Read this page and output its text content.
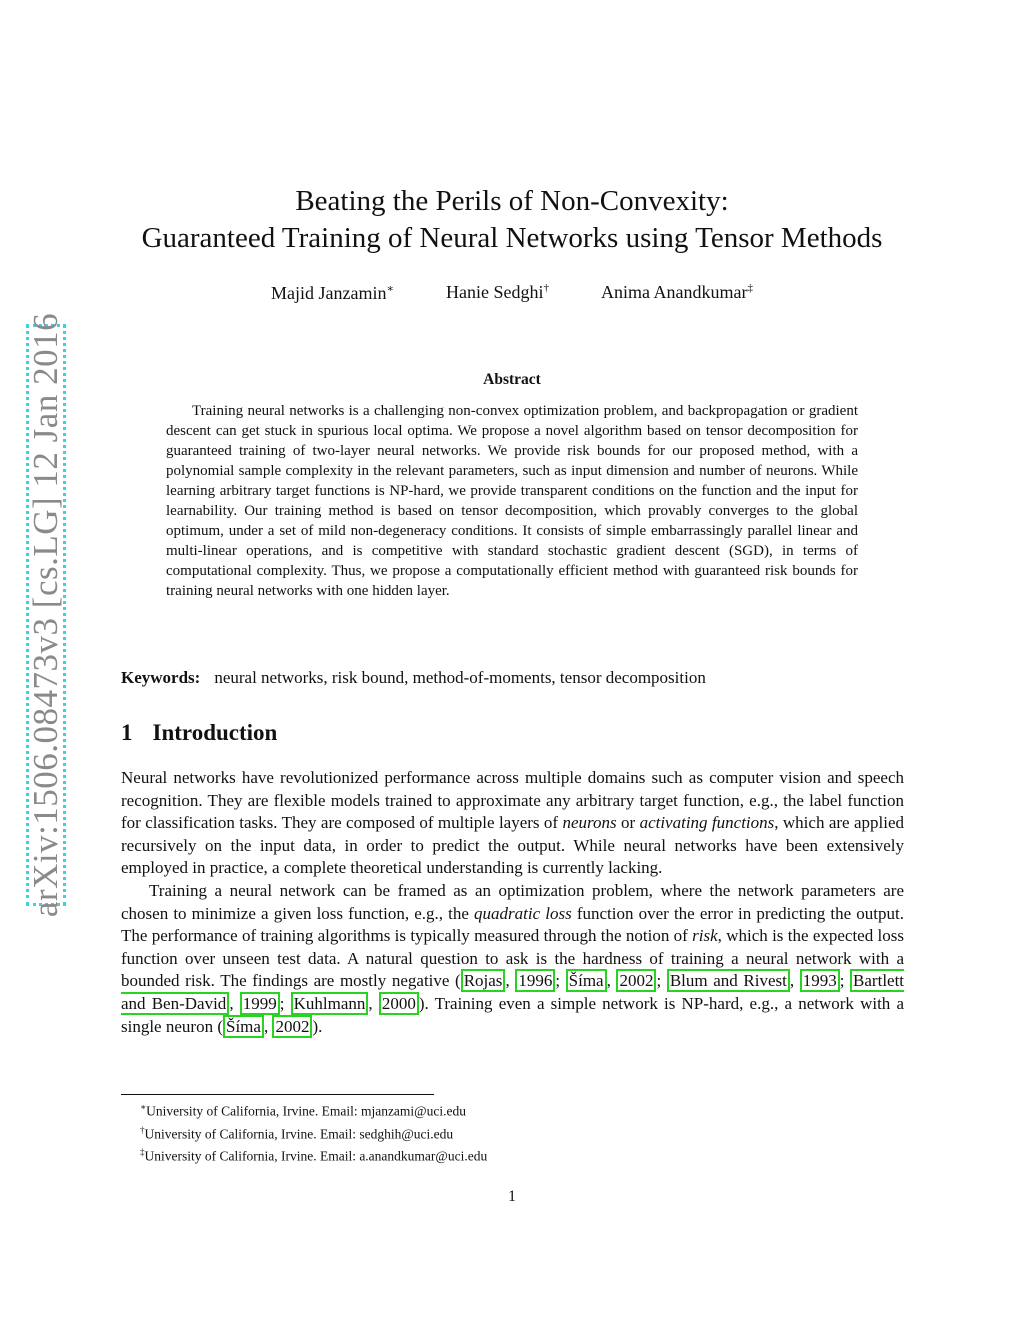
arXiv:1506.08473v3 [cs.LG] 12 Jan 2016
Beating the Perils of Non-Convexity:
Guaranteed Training of Neural Networks using Tensor Methods
Majid Janzamin∗	Hanie Sedghi†	Anima Anandkumar‡
Abstract

Training neural networks is a challenging non-convex optimization problem, and backpropagation or gradient descent can get stuck in spurious local optima. We propose a novel algorithm based on tensor decomposition for guaranteed training of two-layer neural networks. We provide risk bounds for our proposed method, with a polynomial sample complexity in the relevant parameters, such as input dimension and number of neurons. While learning arbitrary target functions is NP-hard, we provide transparent conditions on the function and the input for learnability. Our training method is based on tensor decomposition, which provably converges to the global optimum, under a set of mild non-degeneracy conditions. It consists of simple embarrassingly parallel linear and multi-linear operations, and is competitive with standard stochastic gradient descent (SGD), in terms of computational complexity. Thus, we propose a computationally efficient method with guaranteed risk bounds for training neural networks with one hidden layer.

Keywords: neural networks, risk bound, method-of-moments, tensor decomposition
1 Introduction

Neural networks have revolutionized performance across multiple domains such as computer vision and speech recognition. They are flexible models trained to approximate any arbitrary target function, e.g., the label function for classification tasks. They are composed of multiple layers of neurons or activating functions, which are applied recursively on the input data, in order to predict the output. While neural networks have been extensively employed in practice, a complete theoretical understanding is currently lacking.

Training a neural network can be framed as an optimization problem, where the network parameters are chosen to minimize a given loss function, e.g., the quadratic loss function over the error in predicting the output. The performance of training algorithms is typically measured through the notion of risk, which is the expected loss function over unseen test data. A natural question to ask is the hardness of training a neural network with a bounded risk. The findings are mostly negative ( Rojas , 1996 ; Šíma , 2002 ; Blum and Rivest , 1993 ; Bartlett and Ben-David , 1999 ; Kuhlmann , 2000 ). Training even a simple network is NP-hard, e.g., a network with a single neuron ( Šíma , 2002 ).

∗University of California, Irvine. Email: mjanzami@uci.edu
†University of California, Irvine. Email: sedghih@uci.edu
‡University of California, Irvine. Email: a.anandkumar@uci.edu
1
